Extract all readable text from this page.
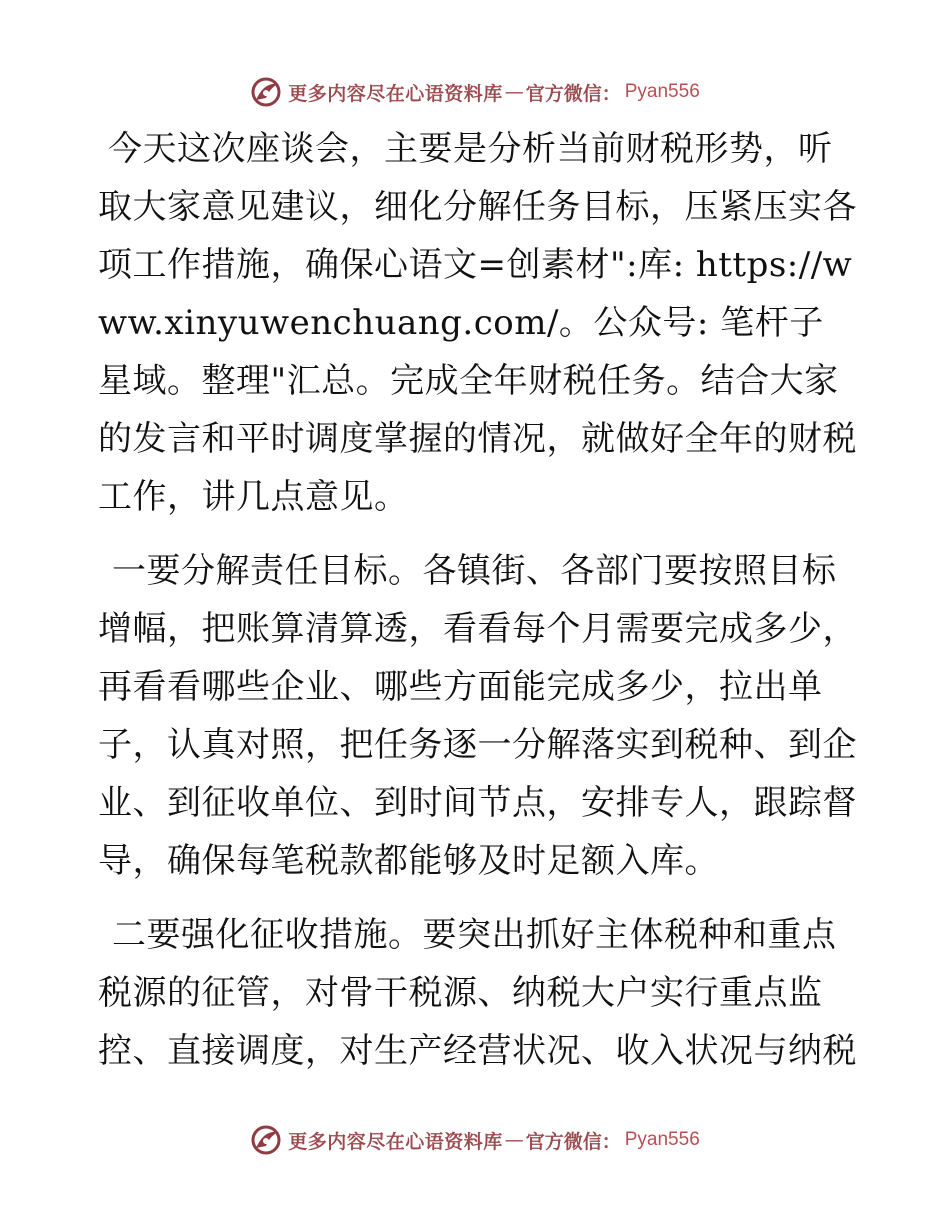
更多内容尽在心语资料库 — 官方微信： Pyan556

今天这次座谈会，主要是分析当前财税形势，听取大家意见建议，细化分解任务目标，压紧压实各项工作措施，确保心语文=创素材":库: https://www.xinyuwenchuang.com/。公众号: 笔杆子星域。整理"汇总。完成全年财税任务。结合大家的发言和平时调度掌握的情况，就做好全年的财税工作，讲几点意见。

一要分解责任目标。各镇街、各部门要按照目标增幅，把账算清算透，看看每个月需要完成多少，再看看哪些企业、哪些方面能完成多少，拉出单子，认真对照，把任务逐一分解落实到税种、到企业、到征收单位、到时间节点，安排专人，跟踪督导，确保每笔税款都能够及时足额入库。

二要强化征收措施。要突出抓好主体税种和重点税源的征管，对骨干税源、纳税大户实行重点监控、直接调度，对生产经营状况、收入状况与纳税

更多内容尽在心语资料库 — 官方微信： Pyan556
